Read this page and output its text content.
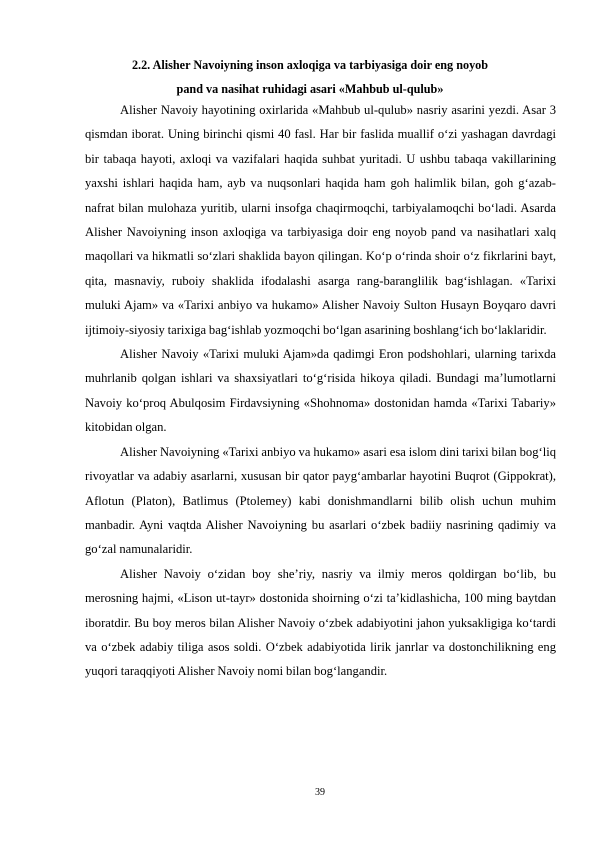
2.2. Alisher Navoiyning inson axloqiga va tarbiyasiga doir eng noyob
pand va nasihat ruhidagi asari «Mahbub ul-qulub»

Alisher Navoiy hayotining oxirlarida «Mahbub ul-qulub» nasriy asarini yezdi. Asar 3 qismdan iborat. Uning birinchi qismi 40 fasl. Har bir faslida muallif o‘zi yashagan davrdagi bir tabaqa hayoti, axloqi va vazifalari haqida suhbat yuritadi. U ushbu tabaqa vakillarining yaxshi ishlari haqida ham, ayb va nuqsonlari haqida ham goh halimlik bilan, goh g‘azab-nafrat bilan mulohaza yuritib, ularni insofga chaqirmoqchi, tarbiyalamoqchi bo‘ladi. Asarda Alisher Navoiyning inson axloqiga va tarbiyasiga doir eng noyob pand va nasihatlari xalq maqollari va hikmatli so‘zlari shaklida bayon qilingan. Ko‘p o‘rinda shoir o‘z fikrlarini bayt, qita, masnaviy, ruboiy shaklida ifodalashi asarga rang-baranglilik bag‘ishlagan. «Tarixi muluki Ajam» va «Tarixi anbiyo va hukamo» Alisher Navoiy Sulton Husayn Boyqaro davri ijtimoiy-siyosiy tarixiga bag‘ishlab yozmoqchi bo‘lgan asarining boshlang‘ich bo‘laklaridir.

Alisher Navoiy «Tarixi muluki Ajam»da qadimgi Eron podshohlari, ularning tarixda muhrlanib qolgan ishlari va shaxsiyatlari to‘g‘risida hikoya qiladi. Bundagi ma’lumotlarni Navoiy ko‘proq Abulqosim Firdavsiyning «Shohnoma» dostonidan hamda «Tarixi Tabariy» kitobidan olgan.

Alisher Navoiyning «Tarixi anbiyo va hukamo» asari esa islom dini tarixi bilan bog‘liq rivoyatlar va adabiy asarlarni, xususan bir qator payg‘ambarlar hayotini Buqrot (Gippokrat), Aflotun (Platon), Batlimus (Ptolemey) kabi donishmandlarni bilib olish uchun muhim manbadir. Ayni vaqtda Alisher Navoiyning bu asarlari o‘zbek badiiy nasrining qadimiy va go‘zal namunalaridir.

Alisher Navoiy o‘zidan boy she’riy, nasriy va ilmiy meros qoldirgan bo‘lib, bu merosning hajmi, «Lison ut-tayr» dostonida shoirning o‘zi ta’kidlashicha, 100 ming baytdan iboratdir. Bu boy meros bilan Alisher Navoiy o‘zbek adabiyotini jahon yuksakligiga ko‘tardi va o‘zbek adabiy tiliga asos soldi. O‘zbek adabiyotida lirik janrlar va dostonchilikning eng yuqori taraqqiyoti Alisher Navoiy nomi bilan bog‘langandir.

39
